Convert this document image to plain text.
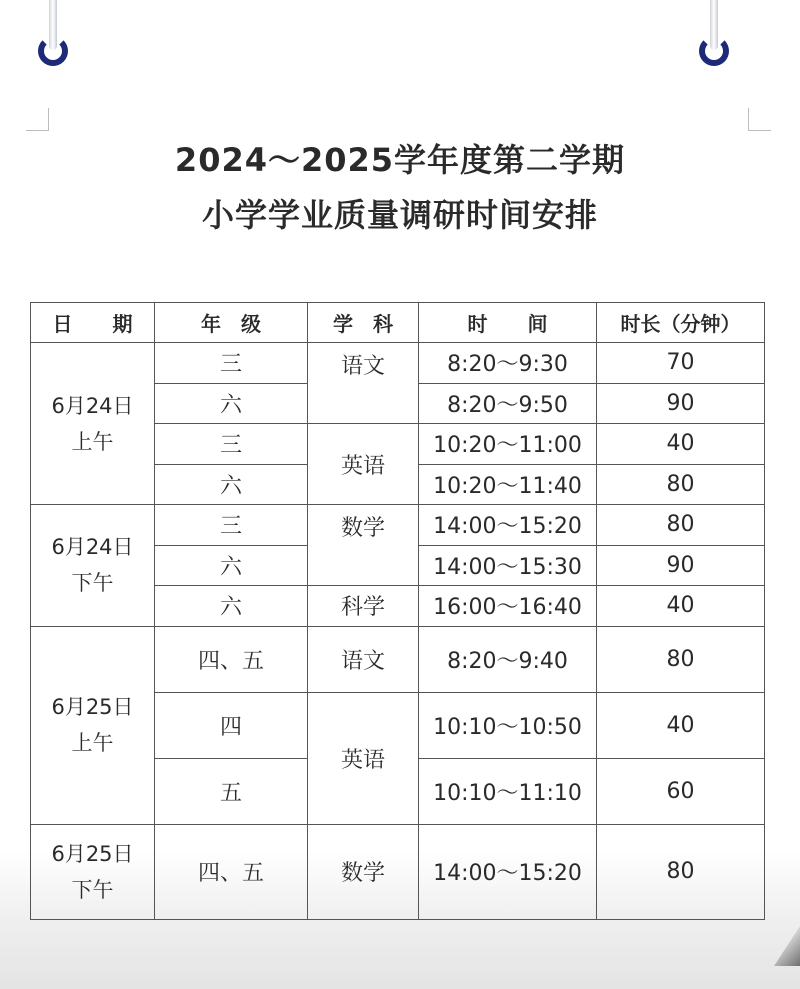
2024～2025学年度第二学期
小学学业质量调研时间安排
日　　期	年　级	学　科	时　　间	时长（分钟）

6月24日
上午	三	语文	8:20～9:30	70
	六		8:20～9:50	90
	三	英语	10:20～11:00	40
	六		10:20～11:40	80

6月24日
下午	三	数学	14:00～15:20	80
	六		14:00～15:30	90
	六	科学	16:00～16:40	40

6月25日
上午	四、五	语文	8:20～9:40	80
	四	英语	10:10～10:50	40
	五		10:10～11:10	60

6月25日
下午	四、五	数学	14:00～15:20	80
